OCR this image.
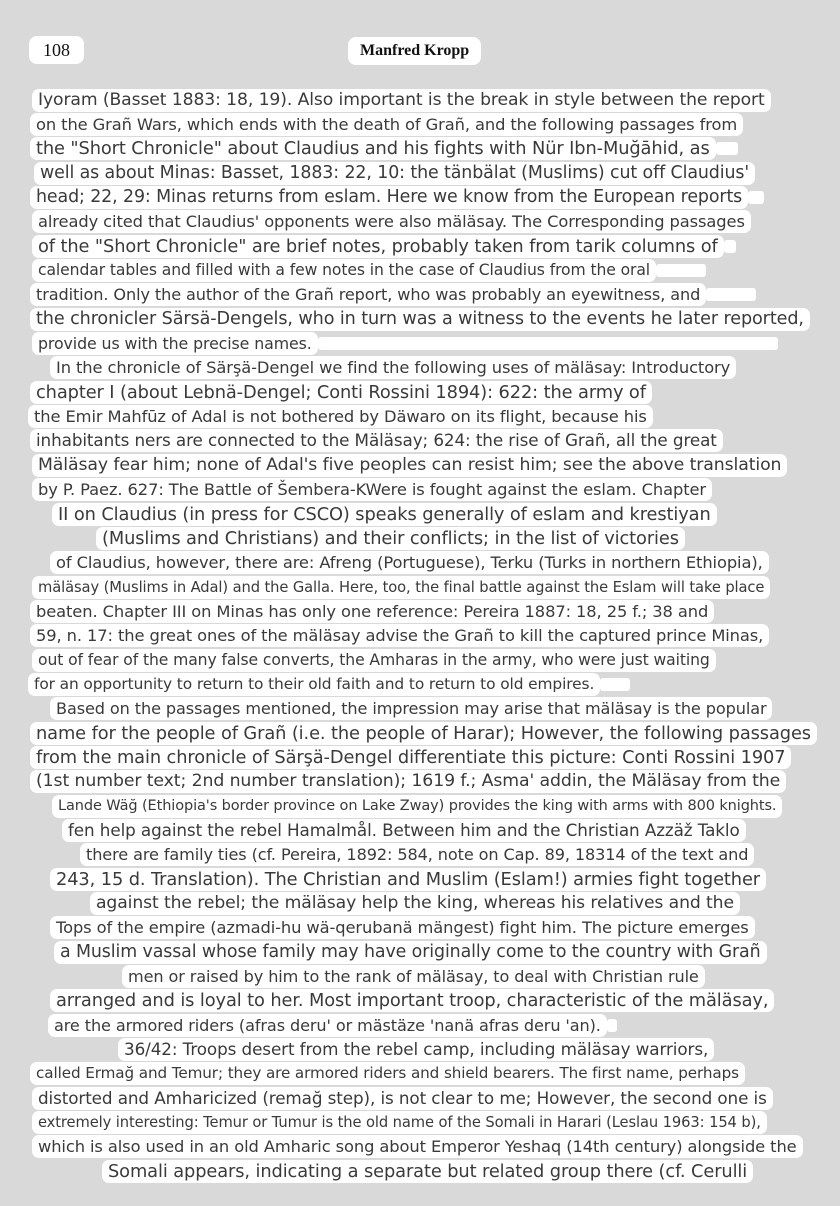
108	Manfred Kropp
Iyoram (Basset 1883: 18, 19). Also important is the break in style between the report
on the Grañ Wars, which ends with the death of Grañ, and the following passages from
the "Short Chronicle" about Claudius and his fights with Nür Ibn-Muğāhid, as
well as about Minas: Basset, 1883: 22, 10: the tänbälat (Muslims) cut off Claudius'
head; 22, 29: Minas returns from eslam. Here we know from the European reports
already cited that Claudius' opponents were also mäläsay. The Corresponding passages
of the "Short Chronicle" are brief notes, probably taken from tarik columns of
calendar tables and filled with a few notes in the case of Claudius from the oral
tradition. Only the author of the Grañ report, who was probably an eyewitness, and
the chronicler Särsä-Dengels, who in turn was a witness to the events he later reported,
provide us with the precise names.
In the chronicle of Särşä-Dengel we find the following uses of mäläsay: Introductory
chapter I (about Lebnä-Dengel; Conti Rossini 1894): 622: the army of
the Emir Mahfūz of Adal is not bothered by Däwaro on its flight, because his
inhabitants ners are connected to the Mäläsay; 624: the rise of Grañ, all the great
Mäläsay fear him; none of Adal's five peoples can resist him; see the above translation
by P. Paez. 627: The Battle of Šembera-KWere is fought against the eslam. Chapter
II on Claudius (in press for CSCO) speaks generally of eslam and krestiyan
(Muslims and Christians) and their conflicts; in the list of victories
of Claudius, however, there are: Afreng (Portuguese), Terku (Turks in northern Ethiopia),
mäläsay (Muslims in Adal) and the Galla. Here, too, the final battle against the Eslam will take place
beaten. Chapter III on Minas has only one reference: Pereira 1887: 18, 25 f.; 38 and
59, n. 17: the great ones of the mäläsay advise the Grañ to kill the captured prince Minas,
out of fear of the many false converts, the Amharas in the army, who were just waiting
for an opportunity to return to their old faith and to return to old empires.
Based on the passages mentioned, the impression may arise that mäläsay is the popular
name for the people of Grañ (i.e. the people of Harar); However, the following passages
from the main chronicle of Särşä-Dengel differentiate this picture: Conti Rossini 1907
(1st number text; 2nd number translation); 1619 f.; Asma' addin, the Mäläsay from the
Lande Wäğ (Ethiopia's border province on Lake Zway) provides the king with arms with 800 knights.
fen help against the rebel Hamalmål. Between him and the Christian Azzäž Taklo
there are family ties (cf. Pereira, 1892: 584, note on Cap. 89, 18314 of the text and
243, 15 d. Translation). The Christian and Muslim (Eslam!) armies fight together
against the rebel; the mäläsay help the king, whereas his relatives and the
Tops of the empire (azmadi-hu wä-qerubanä mängest) fight him. The picture emerges
a Muslim vassal whose family may have originally come to the country with Grañ
men or raised by him to the rank of mäläsay, to deal with Christian rule
arranged and is loyal to her. Most important troop, characteristic of the mäläsay,
are the armored riders (afras deru' or mästäze 'nanä afras deru 'an).
36/42: Troops desert from the rebel camp, including mäläsay warriors,
called Ermağ and Temur; they are armored riders and shield bearers. The first name, perhaps
distorted and Amharicized (remağ step), is not clear to me; However, the second one is
extremely interesting: Temur or Tumur is the old name of the Somali in Harari (Leslau 1963: 154 b),
which is also used in an old Amharic song about Emperor Yeshaq (14th century) alongside the
Somali appears, indicating a separate but related group there (cf. Cerulli
